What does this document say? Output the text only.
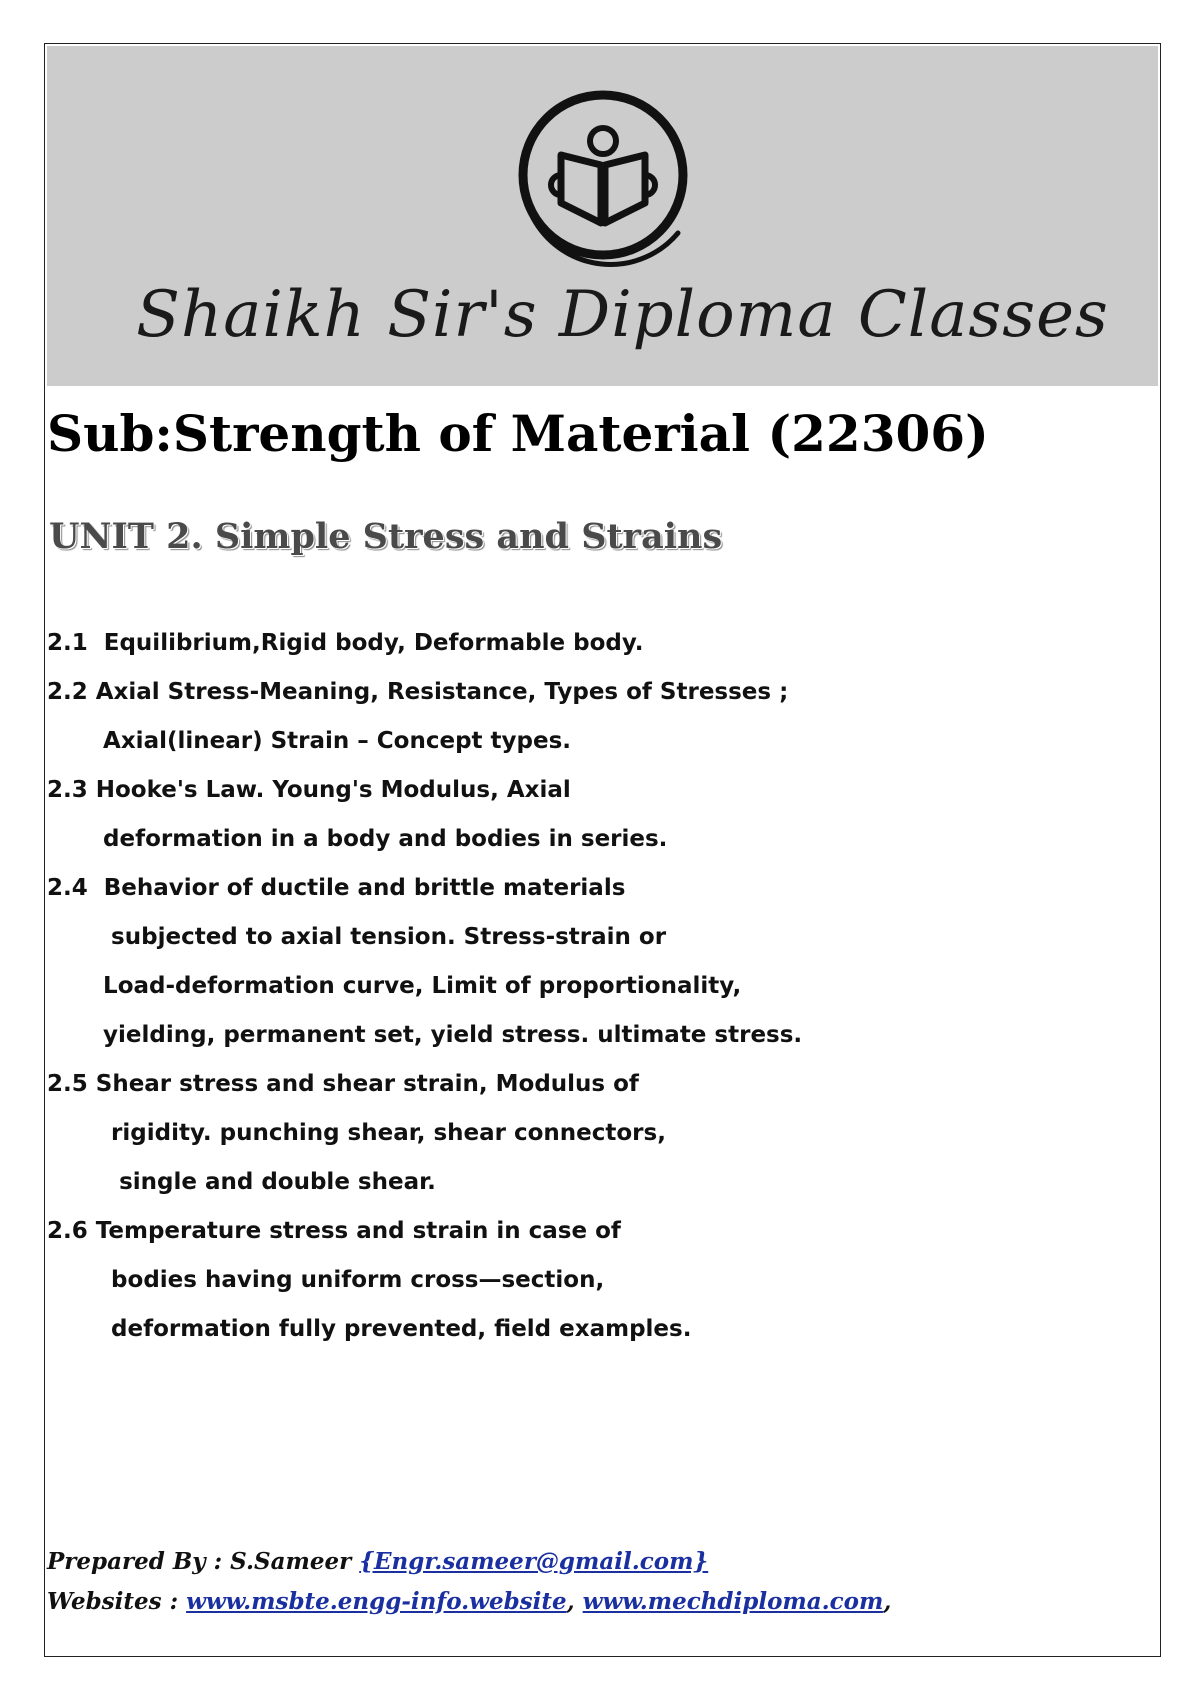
Shaikh Sir's Diploma Classes
Sub:Strength of Material (22306)
UNIT 2. Simple Stress and Strains
2.1  Equilibrium,Rigid body, Deformable body.
2.2 Axial Stress-Meaning, Resistance, Types of Stresses ;
Axial(linear) Strain – Concept types.
2.3 Hooke's Law. Young's Modulus, Axial
deformation in a body and bodies in series.
2.4  Behavior of ductile and brittle materials
subjected to axial tension. Stress-strain or
Load-deformation curve, Limit of proportionality,
yielding, permanent set, yield stress. ultimate stress.
2.5 Shear stress and shear strain, Modulus of
rigidity. punching shear, shear connectors,
single and double shear.
2.6 Temperature stress and strain in case of
bodies having uniform cross—section,
deformation fully prevented, field examples.
Prepared By : S.Sameer {Engr.sameer@gmail.com}
Websites : www.msbte.engg-info.website, www.mechdiploma.com,
